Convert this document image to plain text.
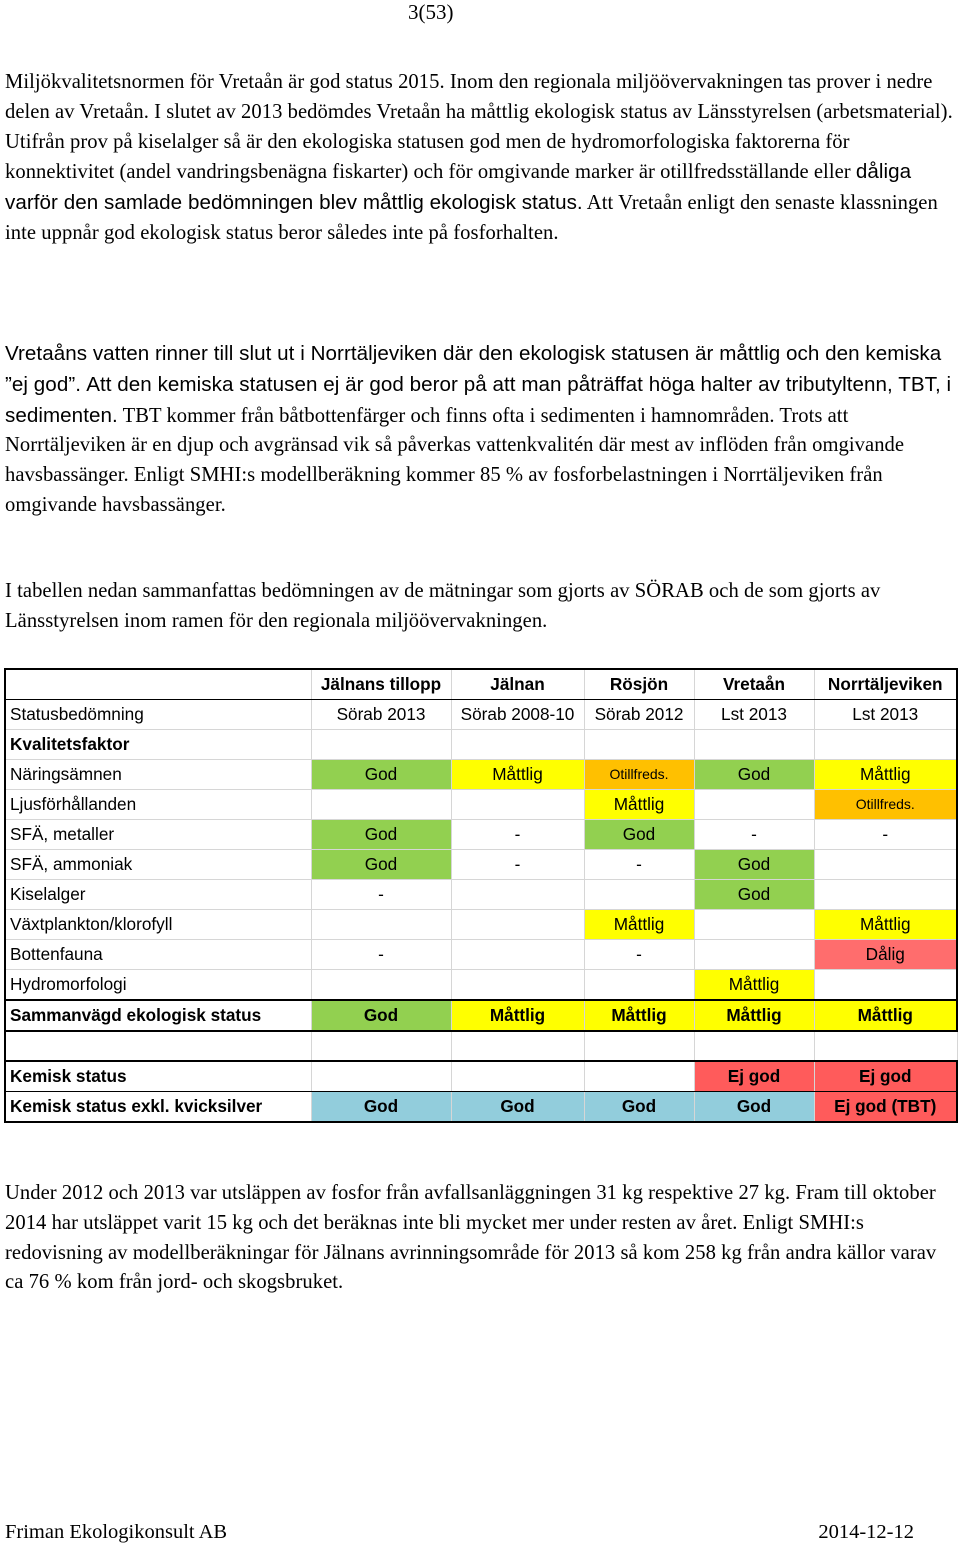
3(53)

Miljökvalitetsnormen för Vretaån är god status 2015. Inom den regionala miljöövervakningen tas prover i nedre delen av Vretaån. I slutet av 2013 bedömdes Vretaån ha måttlig ekologisk status av Länsstyrelsen (arbetsmaterial). Utifrån prov på kiselalger så är den ekologiska statusen god men de hydromorfologiska faktorerna för konnektivitet (andel vandringsbenägna fiskarter) och för omgivande marker är otillfredsställande eller dåliga varför den samlade bedömningen blev måttlig ekologisk status. Att Vretaån enligt den senaste klassningen inte uppnår god ekologisk status beror således inte på fosforhalten.

Vretaåns vatten rinner till slut ut i Norrtäljeviken där den ekologisk statusen är måttlig och den kemiska ”ej god”. Att den kemiska statusen ej är god beror på att man påträffat höga halter av tributyltenn, TBT, i sedimenten. TBT kommer från båtbottenfärger och finns ofta i sedimenten i hamnområden. Trots att Norrtäljeviken är en djup och avgränsad vik så påverkas vattenkvalitén där mest av inflöden från omgivande havsbassänger. Enligt SMHI:s modellberäkning kommer 85 % av fosforbelastningen i Norrtäljeviken från omgivande havsbassänger.

I tabellen nedan sammanfattas bedömningen av de mätningar som gjorts av SÖRAB och de som gjorts av Länsstyrelsen inom ramen för den regionala miljöövervakningen.

	Jälnans tillopp	Jälnan	Rösjön	Vretaån	Norrtäljeviken
Statusbedömning	Sörab 2013	Sörab 2008-10	Sörab 2012	Lst 2013	Lst 2013
Kvalitetsfaktor					
Näringsämnen	God	Måttlig	Otillfreds.	God	Måttlig
Ljusförhållanden			Måttlig		Otillfreds.
SFÄ, metaller	God	-	God	-	-
SFÄ, ammoniak	God	-	-	God	
Kiselalger	-			God	
Växtplankton/klorofyll			Måttlig		Måttlig
Bottenfauna	-		-		Dålig
Hydromorfologi				Måttlig	
Sammanvägd ekologisk status	God	Måttlig	Måttlig	Måttlig	Måttlig

Kemisk status				Ej god	Ej god
Kemisk status exkl. kvicksilver	God	God	God	God	Ej god (TBT)

Under 2012 och 2013 var utsläppen av fosfor från avfallsanläggningen 31 kg respektive 27 kg. Fram till oktober 2014 har utsläppet varit 15 kg och det beräknas inte bli mycket mer under resten av året. Enligt SMHI:s redovisning av modellberäkningar för Jälnans avrinningsområde för 2013 så kom 258 kg från andra källor varav ca 76 % kom från jord- och skogsbruket.

Friman Ekologikonsult AB	2014-12-12
